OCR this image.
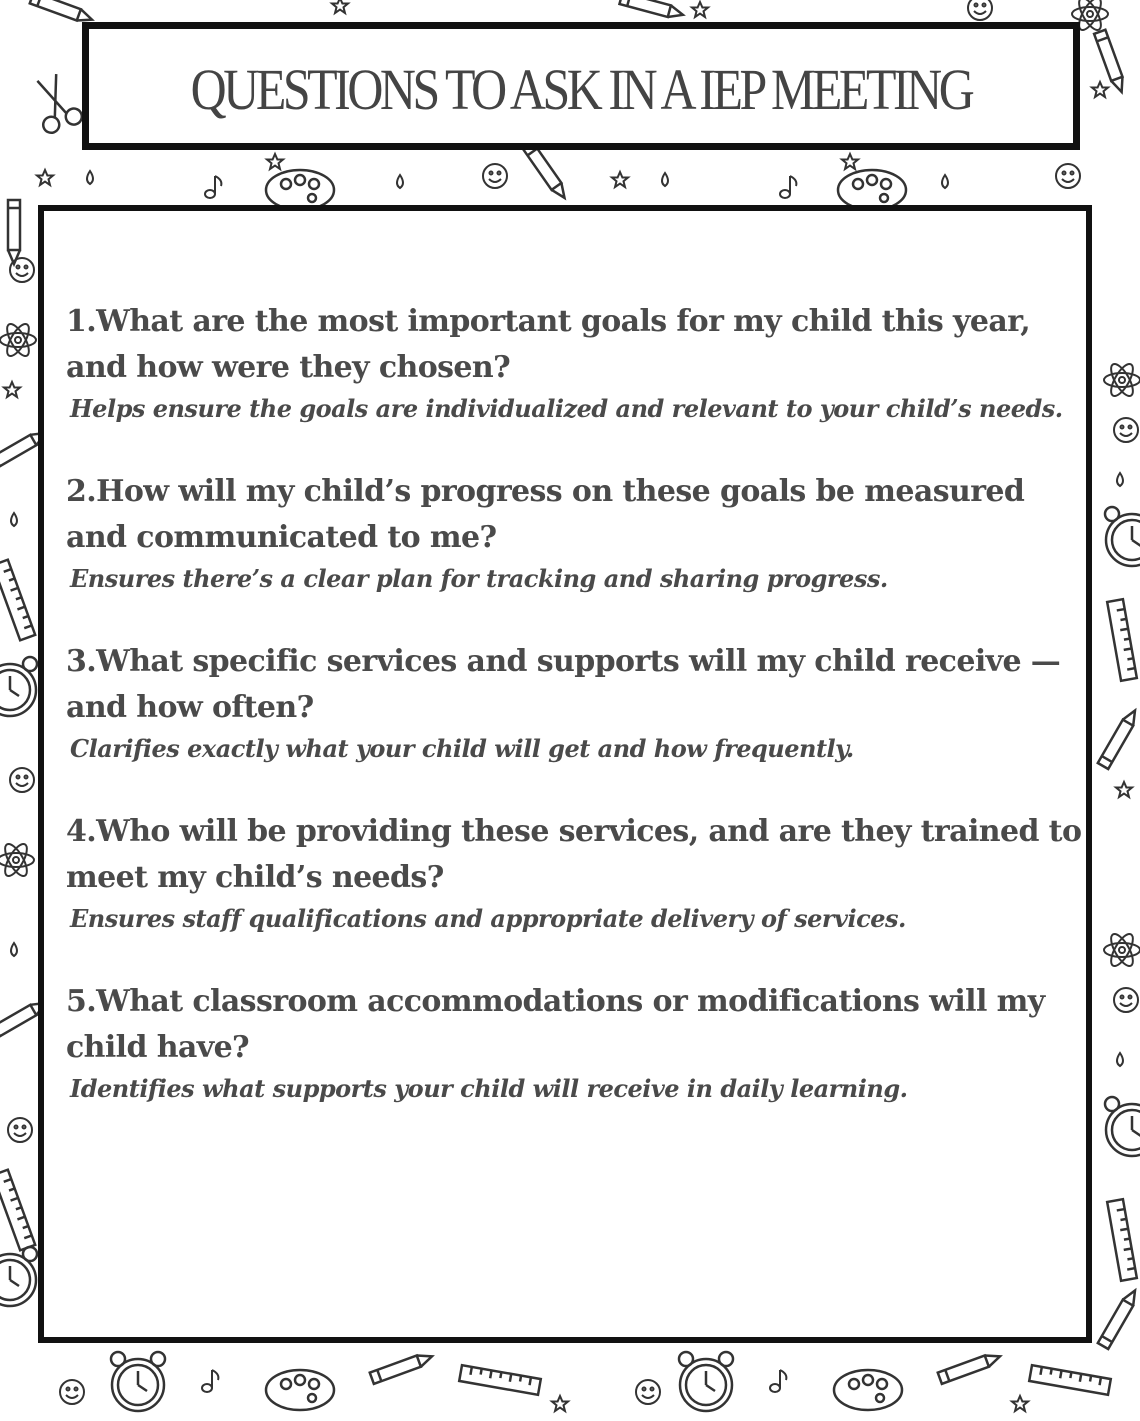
QUESTIONS TO ASK IN A IEP MEETING
1.What are the most important goals for my child this year, and how were they chosen?
Helps ensure the goals are individualized and relevant to your child’s needs.
2.How will my child’s progress on these goals be measured and communicated to me?
Ensures there’s a clear plan for tracking and sharing progress.
3.What specific services and supports will my child receive — and how often?
Clarifies exactly what your child will get and how frequently.
4.Who will be providing these services, and are they trained to meet my child’s needs?
Ensures staff qualifications and appropriate delivery of services.
5.What classroom accommodations or modifications will my child have?
Identifies what supports your child will receive in daily learning.
